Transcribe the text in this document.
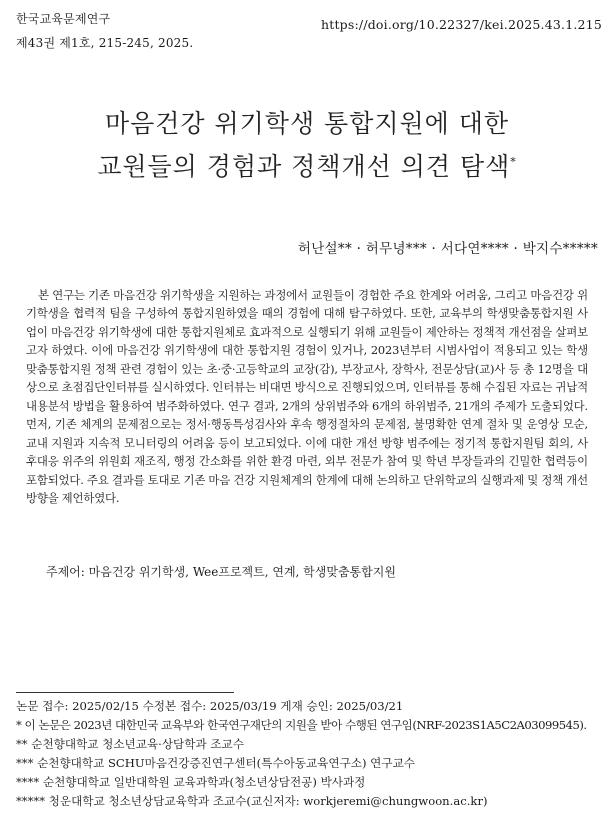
한국교육문제연구
제43권 제1호, 215-245, 2025.
https://doi.org/10.22327/kei.2025.43.1.215
마음건강 위기학생 통합지원에 대한
교원들의 경험과 정책개선 의견 탐색*
허난설** · 허무녕*** · 서다연**** · 박지수*****
본 연구는 기존 마음건강 위기학생을 지원하는 과정에서 교원들이 경험한 주요 한계와 어려움, 그리고 마음건강 위기학생을 협력적 팀을 구성하여 통합지원하였을 때의 경험에 대해 탐구하였다. 또한, 교육부의 학생맞춤통합지원 사업이 마음건강 위기학생에 대한 통합지원체로 효과적으로 실행되기 위해 교원들이 제안하는 정책적 개선점을 살펴보고자 하였다. 이에 마음건강 위기학생에 대한 통합지원 경험이 있거나, 2023년부터 시범사업이 적용되고 있는 학생맞춤통합지원 정책 관련 경험이 있는 초·중·고등학교의 교장(감), 부장교사, 장학사, 전문상담(교)사 등 총 12명을 대상으로 초점집단인터뷰를 실시하였다. 인터뷰는 비대면 방식으로 진행되었으며, 인터뷰를 통해 수집된 자료는 귀납적 내용분석 방법을 활용하여 범주화하였다. 연구 결과, 2개의 상위범주와 6개의 하위범주, 21개의 주제가 도출되었다. 먼저, 기존 체계의 문제점으로는 정서·행동특성검사와 후속 행정절차의 문제점, 불명확한 연계 절차 및 운영상 모순, 교내 지원과 지속적 모니터링의 어려움 등이 보고되었다. 이에 대한 개선 방향 범주에는 정기적 통합지원팀 회의, 사후대응 위주의 위원회 재조직, 행정 간소화를 위한 환경 마련, 외부 전문가 참여 및 학년 부장들과의 긴밀한 협력등이 포함되었다. 주요 결과를 토대로 기존 마음 건강 지원체계의 한계에 대해 논의하고 단위학교의 실행과제 및 정책 개선 방향을 제언하였다.
주제어: 마음건강 위기학생, Wee프로젝트, 연계, 학생맞춤통합지원
논문 접수: 2025/02/15 수정본 접수: 2025/03/19 게재 승인: 2025/03/21
* 이 논문은 2023년 대한민국 교육부와 한국연구재단의 지원을 받아 수행된 연구임(NRF-2023S1A5C2A03099545).
** 순천향대학교 청소년교육·상담학과 조교수
*** 순천향대학교 SCHU마음건강증진연구센터(특수아동교육연구소) 연구교수
**** 순천향대학교 일반대학원 교육과학과(청소년상담전공) 박사과정
***** 청운대학교 청소년상담교육학과 조교수(교신저자: workjeremi@chungwoon.ac.kr)
